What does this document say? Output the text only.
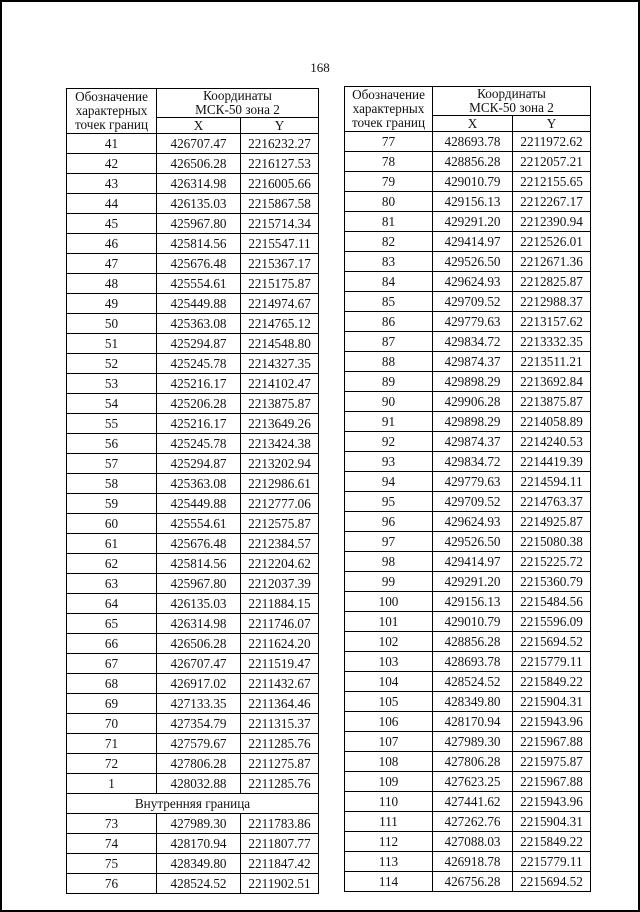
168
Обозначение
характерных
точек границ	Координаты
МСК-50 зона 2	

	X	Y
41	426707.47	2216232.27
42	426506.28	2216127.53
43	426314.98	2216005.66
44	426135.03	2215867.58
45	425967.80	2215714.34
46	425814.56	2215547.11
47	425676.48	2215367.17
48	425554.61	2215175.87
49	425449.88	2214974.67
50	425363.08	2214765.12
51	425294.87	2214548.80
52	425245.78	2214327.35
53	425216.17	2214102.47
54	425206.28	2213875.87
55	425216.17	2213649.26
56	425245.78	2213424.38
57	425294.87	2213202.94
58	425363.08	2212986.61
59	425449.88	2212777.06
60	425554.61	2212575.87
61	425676.48	2212384.57
62	425814.56	2212204.62
63	425967.80	2212037.39
64	426135.03	2211884.15
65	426314.98	2211746.07
66	426506.28	2211624.20
67	426707.47	2211519.47
68	426917.02	2211432.67
69	427133.35	2211364.46
70	427354.79	2211315.37
71	427579.67	2211285.76
72	427806.28	2211275.87
1	428032.88	2211285.76
Внутренняя граница		
73	427989.30	2211783.86
74	428170.94	2211807.77
75	428349.80	2211847.42
76	428524.52	2211902.51
Обозначение
характерных
точек границ	Координаты
МСК-50 зона 2	

	X	Y
77	428693.78	2211972.62
78	428856.28	2212057.21
79	429010.79	2212155.65
80	429156.13	2212267.17
81	429291.20	2212390.94
82	429414.97	2212526.01
83	429526.50	2212671.36
84	429624.93	2212825.87
85	429709.52	2212988.37
86	429779.63	2213157.62
87	429834.72	2213332.35
88	429874.37	2213511.21
89	429898.29	2213692.84
90	429906.28	2213875.87
91	429898.29	2214058.89
92	429874.37	2214240.53
93	429834.72	2214419.39
94	429779.63	2214594.11
95	429709.52	2214763.37
96	429624.93	2214925.87
97	429526.50	2215080.38
98	429414.97	2215225.72
99	429291.20	2215360.79
100	429156.13	2215484.56
101	429010.79	2215596.09
102	428856.28	2215694.52
103	428693.78	2215779.11
104	428524.52	2215849.22
105	428349.80	2215904.31
106	428170.94	2215943.96
107	427989.30	2215967.88
108	427806.28	2215975.87
109	427623.25	2215967.88
110	427441.62	2215943.96
111	427262.76	2215904.31
112	427088.03	2215849.22
113	426918.78	2215779.11
114	426756.28	2215694.52
